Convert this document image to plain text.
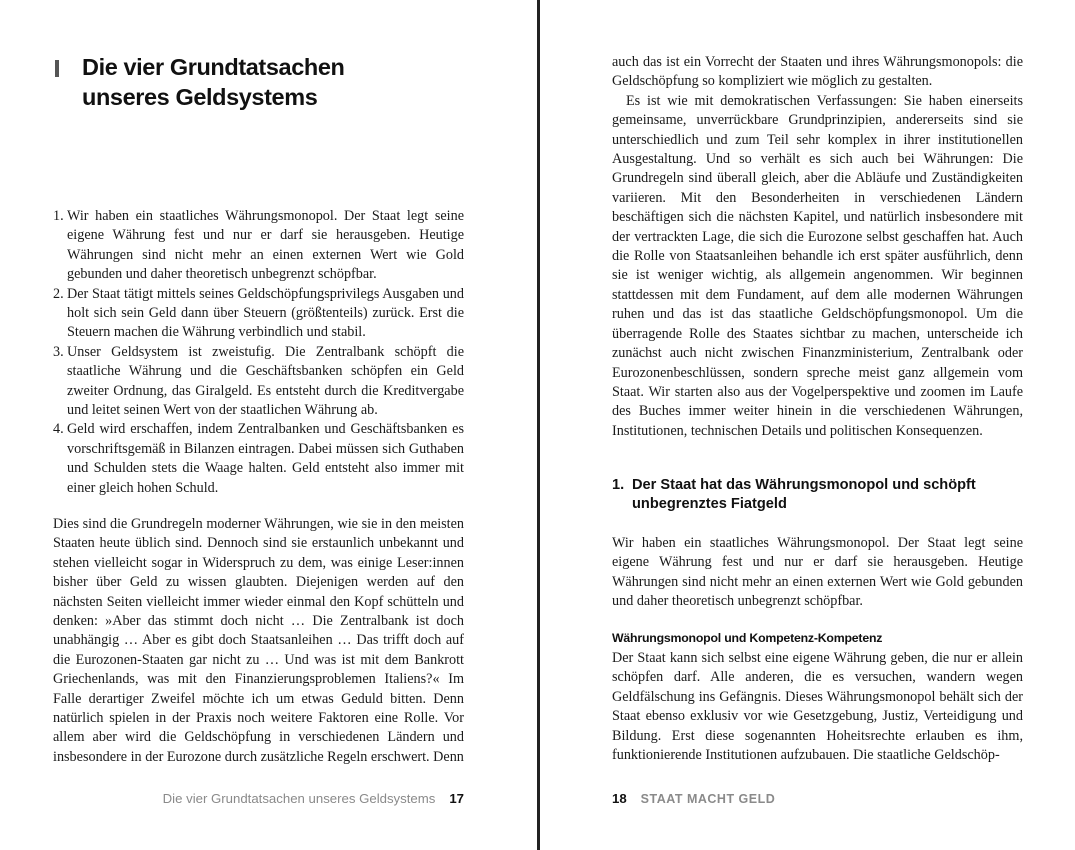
Die vier Grundtatsachen
unseres Geldsystems
1. Wir haben ein staatliches Währungsmonopol. Der Staat legt seine eigene Währung fest und nur er darf sie herausgeben. Heutige Währungen sind nicht mehr an einen externen Wert wie Gold gebunden und daher theoretisch unbegrenzt schöpfbar.
2. Der Staat tätigt mittels seines Geldschöpfungsprivilegs Ausgaben und holt sich sein Geld dann über Steuern (größtenteils) zurück. Erst die Steuern machen die Währung verbindlich und stabil.
3. Unser Geldsystem ist zweistufig. Die Zentralbank schöpft die staatliche Währung und die Geschäftsbanken schöpfen ein Geld zweiter Ordnung, das Giralgeld. Es entsteht durch die Kreditvergabe und leitet seinen Wert von der staatlichen Währung ab.
4. Geld wird erschaffen, indem Zentralbanken und Geschäftsbanken es vorschriftsgemäß in Bilanzen eintragen. Dabei müssen sich Guthaben und Schulden stets die Waage halten. Geld entsteht also immer mit einer gleich hohen Schuld.

Dies sind die Grundregeln moderner Währungen, wie sie in den meisten Staaten heute üblich sind. Dennoch sind sie erstaunlich unbekannt und stehen vielleicht sogar in Widerspruch zu dem, was einige Leser:innen bisher über Geld zu wissen glaubten. Diejenigen werden auf den nächsten Seiten vielleicht immer wieder einmal den Kopf schütteln und denken: »Aber das stimmt doch nicht … Die Zentralbank ist doch unabhängig … Aber es gibt doch Staatsanleihen … Das trifft doch auf die Eurozonen-Staaten gar nicht zu … Und was ist mit dem Bankrott Griechenlands, was mit den Finanzierungsproblemen Italiens?« Im Falle derartiger Zweifel möchte ich um etwas Geduld bitten. Denn natürlich spielen in der Praxis noch weitere Faktoren eine Rolle. Vor allem aber wird die Geldschöpfung in verschiedenen Ländern und insbesondere in der Eurozone durch zusätzliche Regeln erschwert. Denn

Die vier Grundtatsachen unseres Geldsystems 17

auch das ist ein Vorrecht der Staaten und ihres Währungsmonopols: die Geldschöpfung so kompliziert wie möglich zu gestalten.

Es ist wie mit demokratischen Verfassungen: Sie haben einerseits gemeinsame, unverrückbare Grundprinzipien, andererseits sind sie unterschiedlich und zum Teil sehr komplex in ihrer institutionellen Ausgestaltung. Und so verhält es sich auch bei Währungen: Die Grundregeln sind überall gleich, aber die Abläufe und Zuständigkeiten variieren. Mit den Besonderheiten in verschiedenen Ländern beschäftigen sich die nächsten Kapitel, und natürlich insbesondere mit der vertrackten Lage, die sich die Eurozone selbst geschaffen hat. Auch die Rolle von Staatsanleihen behandle ich erst später ausführlich, denn sie ist weniger wichtig, als allgemein angenommen. Wir beginnen stattdessen mit dem Fundament, auf dem alle modernen Währungen ruhen und das ist das staatliche Geldschöpfungsmonopol. Um die überragende Rolle des Staates sichtbar zu machen, unterscheide ich zunächst auch nicht zwischen Finanzministerium, Zentralbank oder Eurozonenbeschlüssen, sondern spreche meist ganz allgemein vom Staat. Wir starten also aus der Vogelperspektive und zoomen im Laufe des Buches immer weiter hinein in die verschiedenen Währungen, Institutionen, technischen Details und politischen Konsequenzen.

1. Der Staat hat das Währungsmonopol und schöpft
unbegrenztes Fiatgeld

Wir haben ein staatliches Währungsmonopol. Der Staat legt seine eigene Währung fest und nur er darf sie herausgeben. Heutige Währungen sind nicht mehr an einen externen Wert wie Gold gebunden und daher theoretisch unbegrenzt schöpfbar.

Währungsmonopol und Kompetenz-Kompetenz

Der Staat kann sich selbst eine eigene Währung geben, die nur er allein schöpfen darf. Alle anderen, die es versuchen, wandern wegen Geldfälschung ins Gefängnis. Dieses Währungsmonopol behält sich der Staat ebenso exklusiv vor wie Gesetzgebung, Justiz, Verteidigung und Bildung. Erst diese sogenannten Hoheitsrechte erlauben es ihm, funktionierende Institutionen aufzubauen. Die staatliche Geldschöp-

18 STAAT MACHT GELD
